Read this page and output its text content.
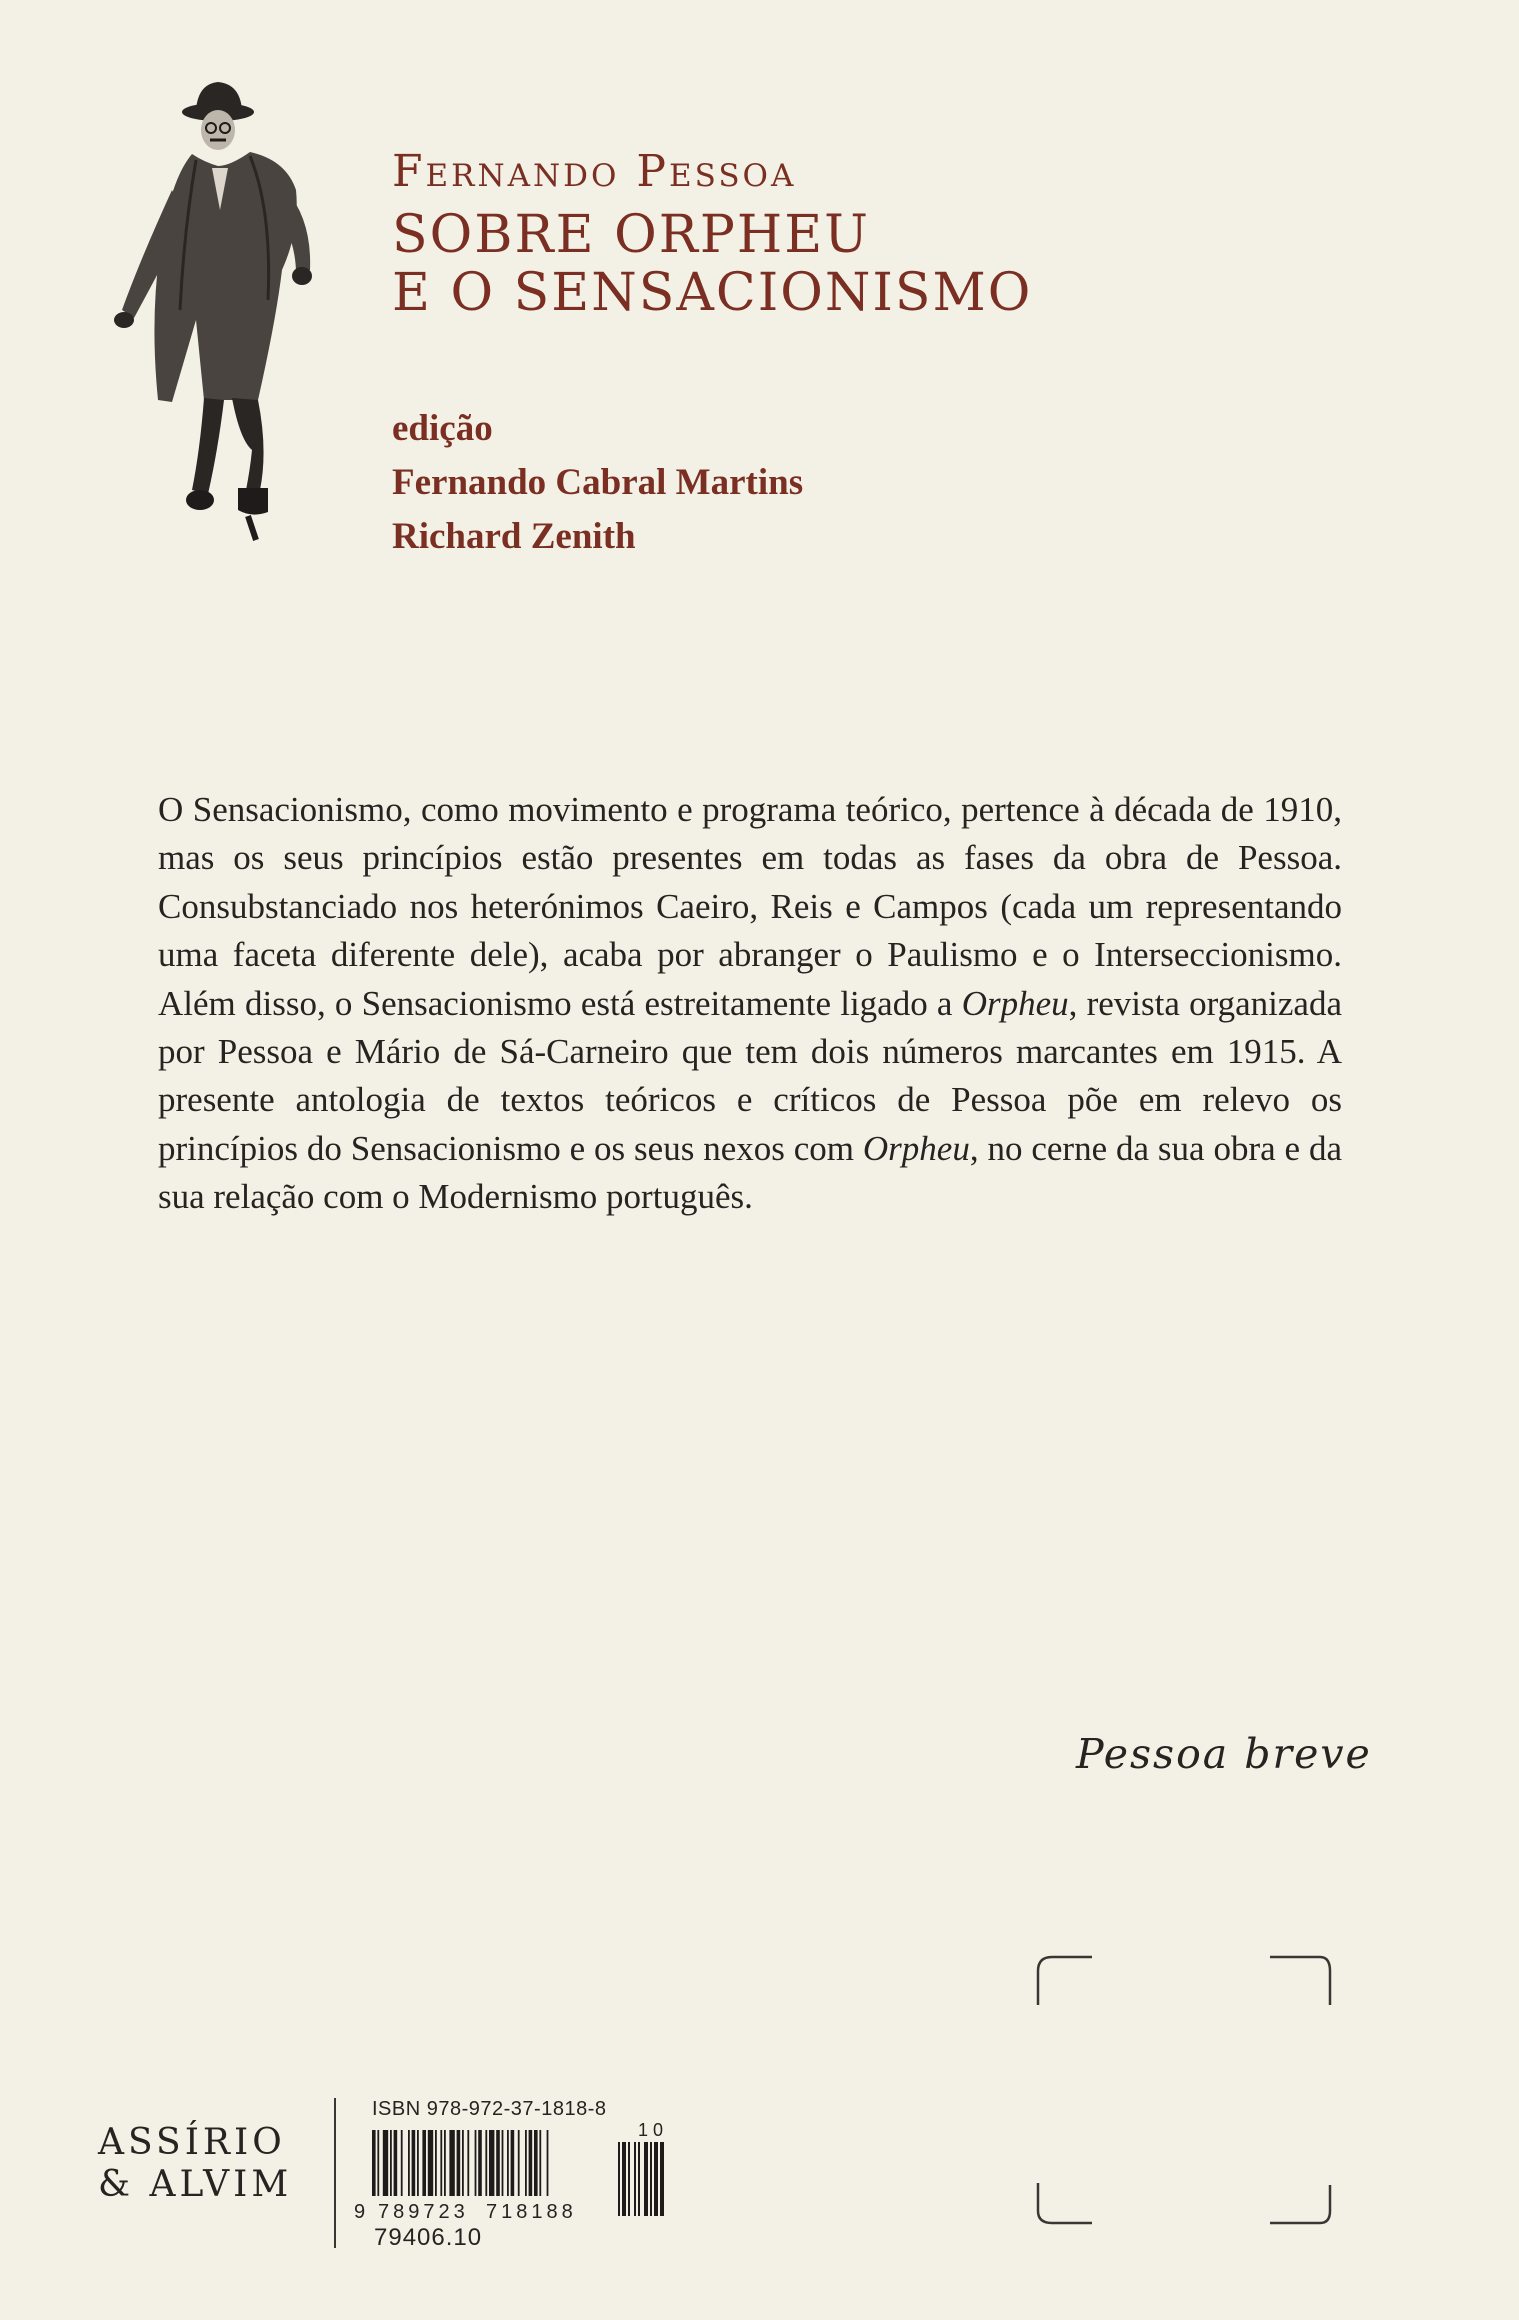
Fernando Pessoa
SOBRE ORPHEU
E O SENSACIONISMO
edição
Fernando Cabral Martins
Richard Zenith

O Sensacionismo, como movimento e programa teórico, pertence à década de 1910, mas os seus princípios estão presentes em todas as fases da obra de Pessoa. Consubstanciado nos heterónimos Caeiro, Reis e Campos (cada um representando uma faceta diferente dele), acaba por abranger o Paulismo e o Interseccionismo. Além disso, o Sensacionismo está estreitamente ligado a Orpheu, revista organizada por Pessoa e Mário de Sá-Carneiro que tem dois números marcantes em 1915. A presente antologia de textos teóricos e críticos de Pessoa põe em relevo os princípios do Sensacionismo e os seus nexos com Orpheu, no cerne da sua obra e da sua relação com o Modernismo português.

Pessoa breve
ASSÍRIO
& ALVIM
ISBN 978-972-37-1818-8
9 789723 718188
1 0
79406.10
